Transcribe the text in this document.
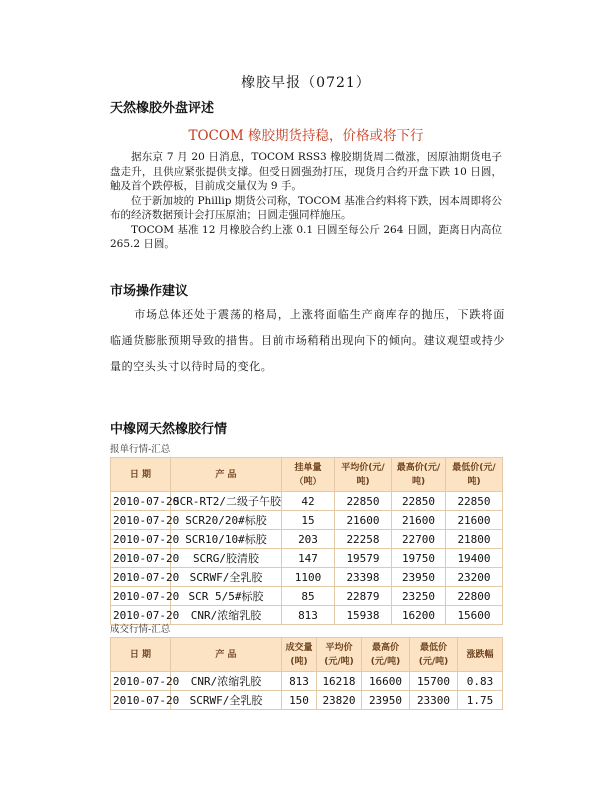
橡胶早报（0721）
天然橡胶外盘评述
TOCOM 橡胶期货持稳，价格或将下行

据东京 7 月 20 日消息，TOCOM RSS3 橡胶期货周二微涨，因原油期货电子盘走升，且供应紧张提供支撑。但受日圆强劲打压，现货月合约开盘下跌 10 日圆，触及首个跌停板，目前成交量仅为 9 手。

位于新加坡的 Phillip 期货公司称，TOCOM 基准合约料将下跌，因本周即将公布的经济数据预计会打压原油；日圆走强同样施压。

TOCOM 基准 12 月橡胶合约上涨 0.1 日圆至每公斤 264 日圆，距离日内高位 265.2 日圆。

市场操作建议

市场总体还处于震荡的格局，上涨将面临生产商库存的抛压，下跌将面临通货膨胀预期导致的措售。目前市场稍稍出现向下的倾向。建议观望或持少量的空头头寸以待时局的变化。

中橡网天然橡胶行情
报单行情-汇总
日 期	产 品	挂单量（吨）	平均价(元/吨)	最高价(元/吨)	最低价(元/吨)
2010-07-20	SCR-RT2/二级子午胶	42	22850	22850	22850
2010-07-20	SCR20/20#标胶	15	21600	21600	21600
2010-07-20	SCR10/10#标胶	203	22258	22700	21800
2010-07-20	SCRG/胶清胶	147	19579	19750	19400
2010-07-20	SCRWF/全乳胶	1100	23398	23950	23200
2010-07-20	SCR 5/5#标胶	85	22879	23250	22800
2010-07-20	CNR/浓缩乳胶	813	15938	16200	15600
成交行情-汇总
日 期	产 品	成交量(吨)	平均价(元/吨)	最高价(元/吨)	最低价(元/吨)	涨跌幅
2010-07-20	CNR/浓缩乳胶	813	16218	16600	15700	0.83
2010-07-20	SCRWF/全乳胶	150	23820	23950	23300	1.75
